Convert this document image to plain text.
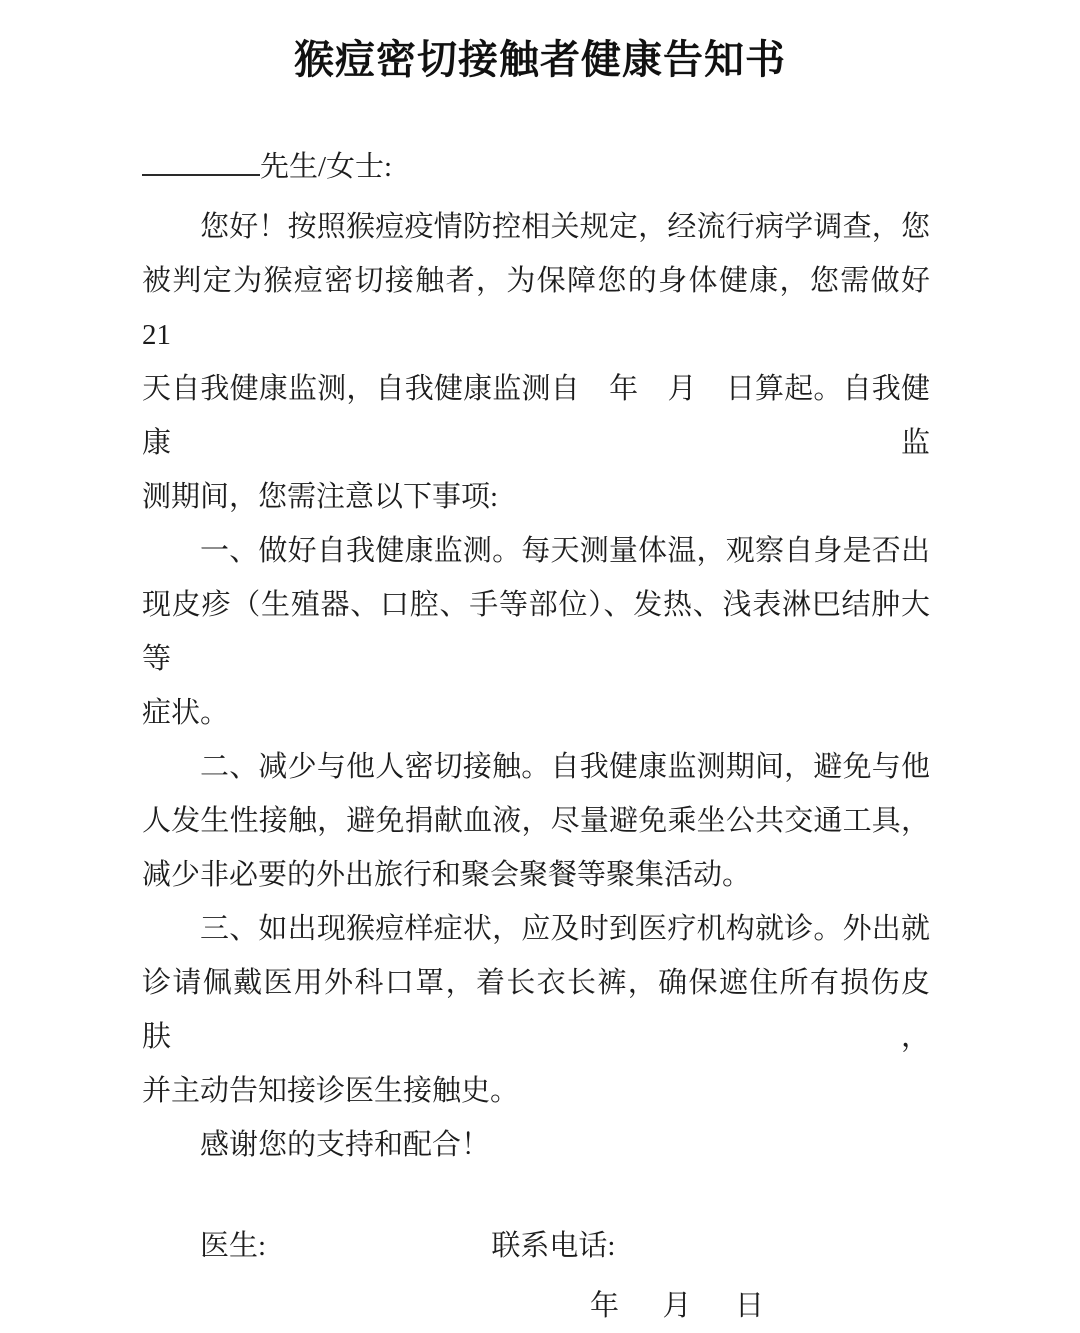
猴痘密切接触者健康告知书
先生/女士:
您好！按照猴痘疫情防控相关规定，经流行病学调查，您
被判定为猴痘密切接触者，为保障您的身体健康，您需做好 21
天自我健康监测，自我健康监测自　年　月　日算起。自我健康监
测期间，您需注意以下事项:
一、做好自我健康监测。每天测量体温，观察自身是否出
现皮疹（生殖器、口腔、手等部位）、发热、浅表淋巴结肿大等
症状。
二、减少与他人密切接触。自我健康监测期间，避免与他
人发生性接触，避免捐献血液，尽量避免乘坐公共交通工具，
减少非必要的外出旅行和聚会聚餐等聚集活动。
三、如出现猴痘样症状，应及时到医疗机构就诊。外出就
诊请佩戴医用外科口罩，着长衣长裤，确保遮住所有损伤皮肤，
并主动告知接诊医生接触史。
感谢您的支持和配合！
医生:	联系电话:
年      月      日
